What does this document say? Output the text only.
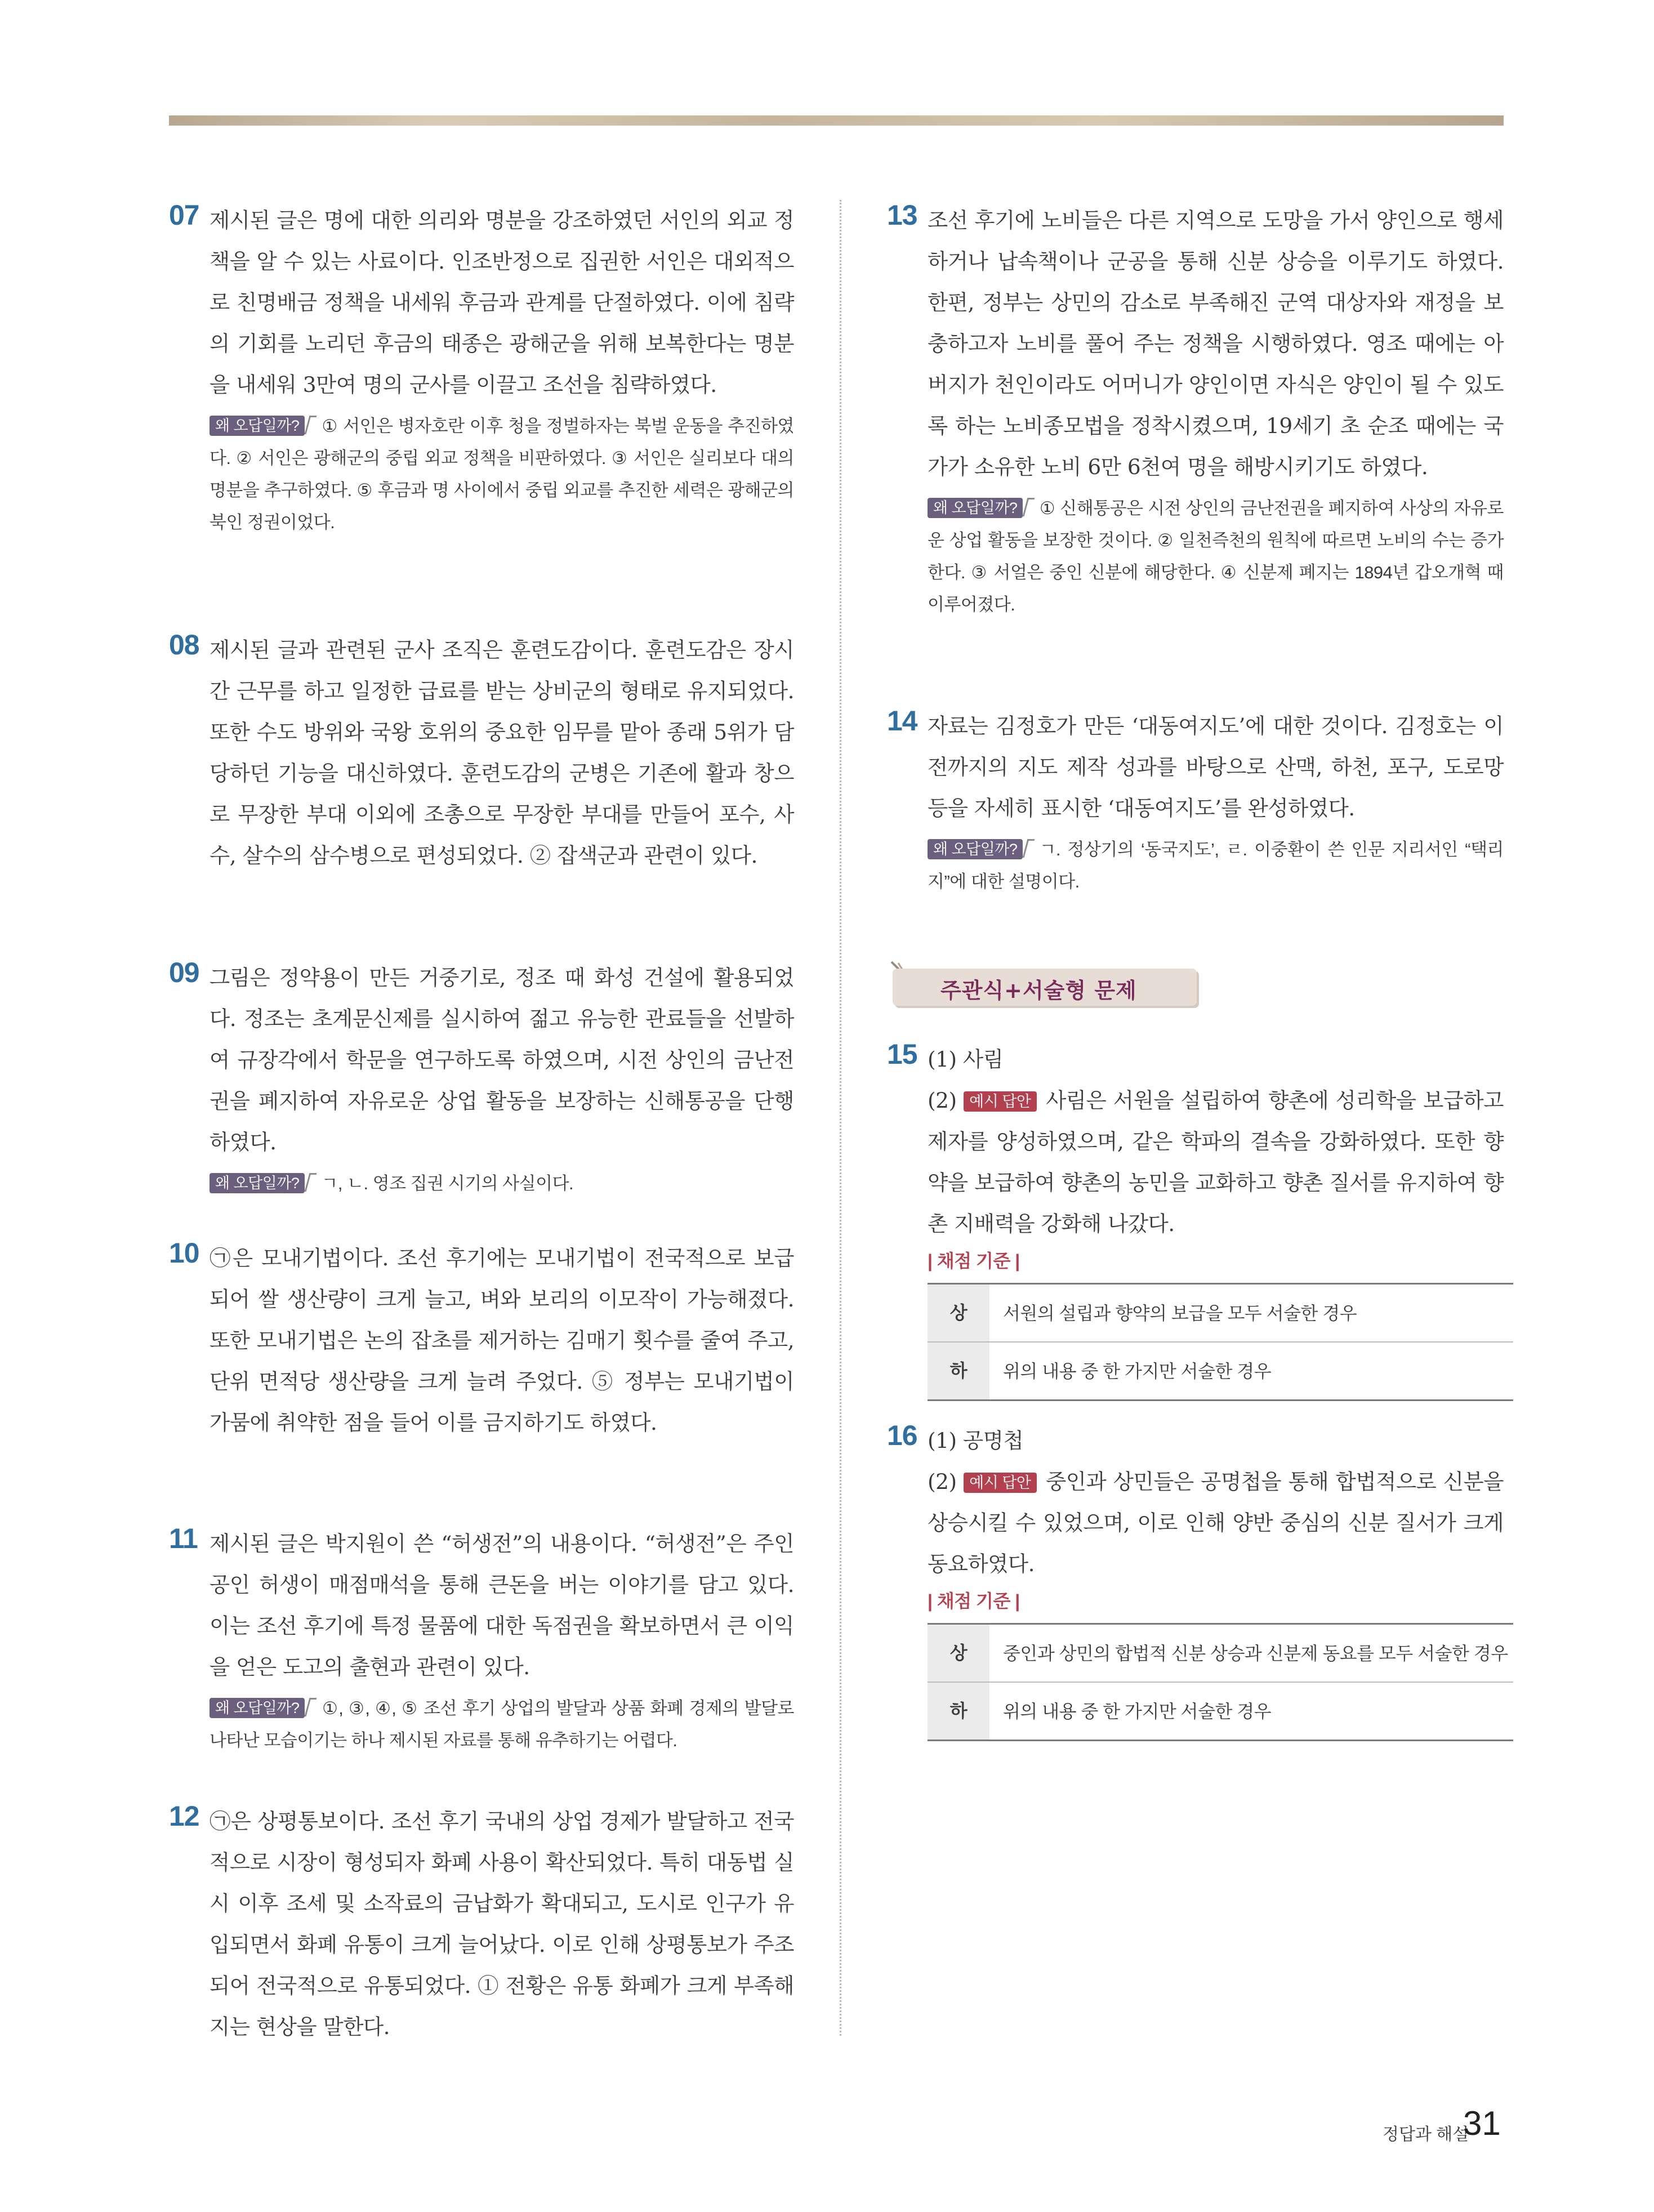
07 제시된 글은 명에 대한 의리와 명분을 강조하였던 서인의 외교 정책을 알 수 있는 사료이다. 인조반정으로 집권한 서인은 대외적으로 친명배금 정책을 내세워 후금과 관계를 단절하였다. 이에 침략의 기회를 노리던 후금의 태종은 광해군을 위해 보복한다는 명분을 내세워 3만여 명의 군사를 이끌고 조선을 침략하였다.
왜 오답일까? ① 서인은 병자호란 이후 청을 정벌하자는 북벌 운동을 추진하였다. ② 서인은 광해군의 중립 외교 정책을 비판하였다. ③ 서인은 실리보다 대의명분을 추구하였다. ⑤ 후금과 명 사이에서 중립 외교를 추진한 세력은 광해군의 북인 정권이었다.
08 제시된 글과 관련된 군사 조직은 훈련도감이다. 훈련도감은 장시간 근무를 하고 일정한 급료를 받는 상비군의 형태로 유지되었다. 또한 수도 방위와 국왕 호위의 중요한 임무를 맡아 종래 5위가 담당하던 기능을 대신하였다. 훈련도감의 군병은 기존에 활과 창으로 무장한 부대 이외에 조총으로 무장한 부대를 만들어 포수, 사수, 살수의 삼수병으로 편성되었다. ② 잡색군과 관련이 있다.
09 그림은 정약용이 만든 거중기로, 정조 때 화성 건설에 활용되었다. 정조는 초계문신제를 실시하여 젊고 유능한 관료들을 선발하여 규장각에서 학문을 연구하도록 하였으며, 시전 상인의 금난전권을 폐지하여 자유로운 상업 활동을 보장하는 신해통공을 단행하였다.
왜 오답일까? ㄱ, ㄴ. 영조 집권 시기의 사실이다.
10 ㉠은 모내기법이다. 조선 후기에는 모내기법이 전국적으로 보급되어 쌀 생산량이 크게 늘고, 벼와 보리의 이모작이 가능해졌다. 또한 모내기법은 논의 잡초를 제거하는 김매기 횟수를 줄여 주고, 단위 면적당 생산량을 크게 늘려 주었다. ⑤ 정부는 모내기법이 가뭄에 취약한 점을 들어 이를 금지하기도 하였다.
11 제시된 글은 박지원이 쓴 “허생전”의 내용이다. “허생전”은 주인공인 허생이 매점매석을 통해 큰돈을 버는 이야기를 담고 있다. 이는 조선 후기에 특정 물품에 대한 독점권을 확보하면서 큰 이익을 얻은 도고의 출현과 관련이 있다.
왜 오답일까? ①, ③, ④, ⑤ 조선 후기 상업의 발달과 상품 화폐 경제의 발달로 나타난 모습이기는 하나 제시된 자료를 통해 유추하기는 어렵다.
12 ㉠은 상평통보이다. 조선 후기 국내의 상업 경제가 발달하고 전국적으로 시장이 형성되자 화폐 사용이 확산되었다. 특히 대동법 실시 이후 조세 및 소작료의 금납화가 확대되고, 도시로 인구가 유입되면서 화폐 유통이 크게 늘어났다. 이로 인해 상평통보가 주조되어 전국적으로 유통되었다. ① 전황은 유통 화폐가 크게 부족해지는 현상을 말한다.
13 조선 후기에 노비들은 다른 지역으로 도망을 가서 양인으로 행세하거나 납속책이나 군공을 통해 신분 상승을 이루기도 하였다. 한편, 정부는 상민의 감소로 부족해진 군역 대상자와 재정을 보충하고자 노비를 풀어 주는 정책을 시행하였다. 영조 때에는 아버지가 천인이라도 어머니가 양인이면 자식은 양인이 될 수 있도록 하는 노비종모법을 정착시켰으며, 19세기 초 순조 때에는 국가가 소유한 노비 6만 6천여 명을 해방시키기도 하였다.
왜 오답일까? ① 신해통공은 시전 상인의 금난전권을 폐지하여 사상의 자유로운 상업 활동을 보장한 것이다. ② 일천즉천의 원칙에 따르면 노비의 수는 증가한다. ③ 서얼은 중인 신분에 해당한다. ④ 신분제 폐지는 1894년 갑오개혁 때 이루어졌다.
14 자료는 김정호가 만든 ‘대동여지도’에 대한 것이다. 김정호는 이전까지의 지도 제작 성과를 바탕으로 산맥, 하천, 포구, 도로망 등을 자세히 표시한 ‘대동여지도’를 완성하였다.
왜 오답일까? ㄱ. 정상기의 ‘동국지도’, ㄹ. 이중환이 쓴 인문 지리서인 “택리지”에 대한 설명이다.
15 (1) 사림
(2) 예시 답안 사림은 서원을 설립하여 향촌에 성리학을 보급하고 제자를 양성하였으며, 같은 학파의 결속을 강화하였다. 또한 향약을 보급하여 향촌의 농민을 교화하고 향촌 질서를 유지하여 향촌 지배력을 강화해 나갔다.
| 채점 기준 |
상	서원의 설립과 향약의 보급을 모두 서술한 경우
하	위의 내용 중 한 가지만 서술한 경우
16 (1) 공명첩
(2) 예시 답안 중인과 상민들은 공명첩을 통해 합법적으로 신분을 상승시킬 수 있었으며, 이로 인해 양반 중심의 신분 질서가 크게 동요하였다.
| 채점 기준 |
상	중인과 상민의 합법적 신분 상승과 신분제 동요를 모두 서술한 경우
하	위의 내용 중 한 가지만 서술한 경우
주관식+서술형 문제
정답과 해설
31
